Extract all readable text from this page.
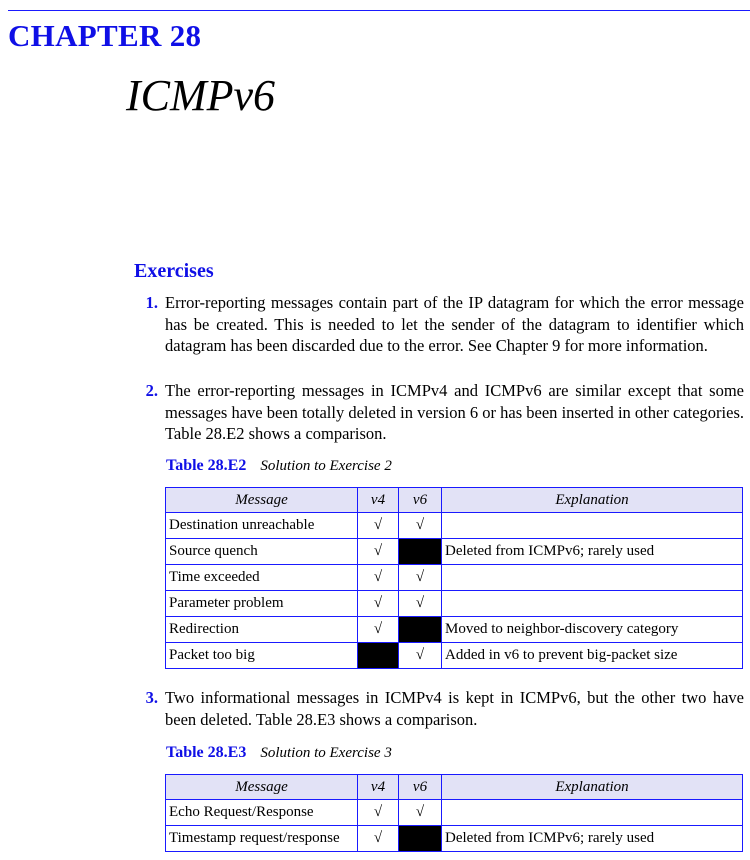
CHAPTER 28
ICMPv6
Exercises
1. Error-reporting messages contain part of the IP datagram for which the error message has be created. This is needed to let the sender of the datagram to identifier which datagram has been discarded due to the error. See Chapter 9 for more information.
2. The error-reporting messages in ICMPv4 and ICMPv6 are similar except that some messages have been totally deleted in version 6 or has been inserted in other categories. Table 28.E2 shows a comparison.
Table 28.E2 Solution to Exercise 2
Message	v4	v6	Explanation
Destination unreachable	√	√	
Source quench	√		Deleted from ICMPv6; rarely used
Time exceeded	√	√	
Parameter problem	√	√	
Redirection	√		Moved to neighbor-discovery category
Packet too big		√	Added in v6 to prevent big-packet size
3. Two informational messages in ICMPv4 is kept in ICMPv6, but the other two have been deleted. Table 28.E3 shows a comparison.
Table 28.E3 Solution to Exercise 3
Message	v4	v6	Explanation
Echo Request/Response	√	√	
Timestamp request/response	√		Deleted from ICMPv6; rarely used
